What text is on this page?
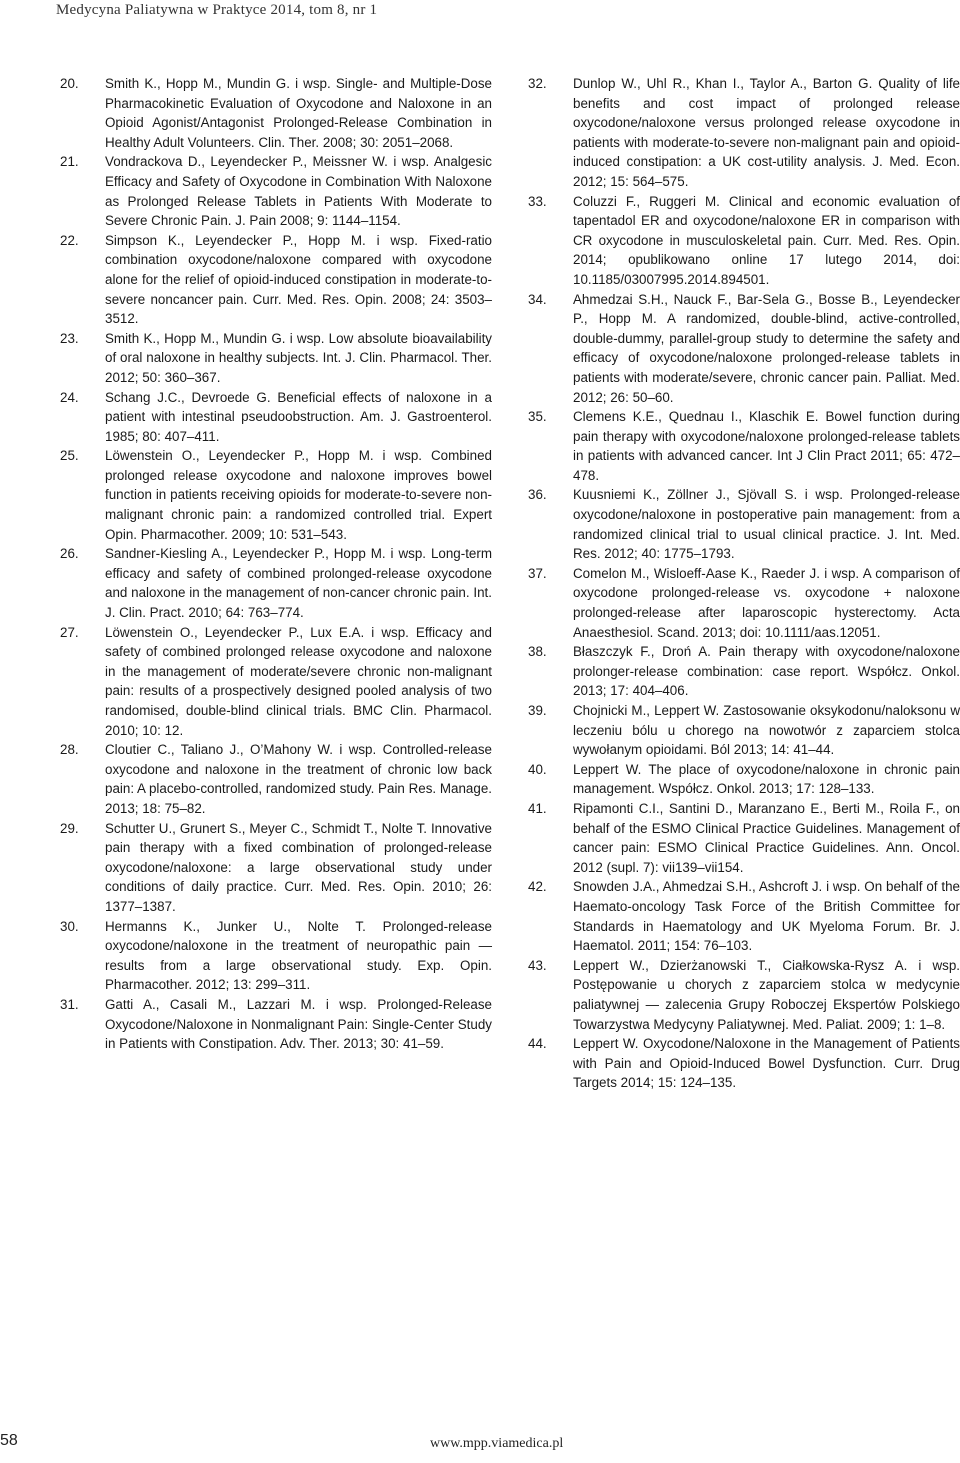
Medycyna Paliatywna w Praktyce 2014, tom 8, nr 1

20.	Smith K., Hopp M., Mundin G. i wsp. Single- and Multiple-Dose Pharmacokinetic Evaluation of Oxycodone and Naloxone in an Opioid Agonist/Antagonist Prolonged-Release Combination in Healthy Adult Volunteers. Clin. Ther. 2008; 30: 2051–2068.

21.	Vondrackova D., Leyendecker P., Meissner W. i wsp. Analgesic Efficacy and Safety of Oxycodone in Combination With Naloxone as Prolonged Release Tablets in Patients With Moderate to Severe Chronic Pain. J. Pain 2008; 9: 1144–1154.

22.	Simpson K., Leyendecker P., Hopp M. i wsp. Fixed-ratio combination oxycodone/naloxone compared with oxycodone alone for the relief of opioid-induced constipation in moderate-to-severe noncancer pain. Curr. Med. Res. Opin. 2008; 24: 3503–3512.

23.	Smith K., Hopp M., Mundin G. i wsp. Low absolute bioavailability of oral naloxone in healthy subjects. Int. J. Clin. Pharmacol. Ther. 2012; 50: 360–367.

24.	Schang J.C., Devroede G. Beneficial effects of naloxone in a patient with intestinal pseudoobstruction. Am. J. Gastroenterol. 1985; 80: 407–411.

25.	Löwenstein O., Leyendecker P., Hopp M. i wsp. Combined prolonged release oxycodone and naloxone improves bowel function in patients receiving opioids for moderate-to-severe non-malignant chronic pain: a randomized controlled trial. Expert Opin. Pharmacother. 2009; 10: 531–543.

26.	Sandner-Kiesling A., Leyendecker P., Hopp M. i wsp. Long-term efficacy and safety of combined prolonged-release oxycodone and naloxone in the management of non-cancer chronic pain. Int. J. Clin. Pract. 2010; 64: 763–774.

27.	Löwenstein O., Leyendecker P., Lux E.A. i wsp. Efficacy and safety of combined prolonged release oxycodone and naloxone in the management of moderate/severe chronic non-malignant pain: results of a prospectively designed pooled analysis of two randomised, double-blind clinical trials. BMC Clin. Pharmacol. 2010; 10: 12.

28.	Cloutier C., Taliano J., O’Mahony W. i wsp. Controlled-release oxycodone and naloxone in the treatment of chronic low back pain: A placebo-controlled, randomized study. Pain Res. Manage. 2013; 18: 75–82.

29.	Schutter U., Grunert S., Meyer C., Schmidt T., Nolte T. Innovative pain therapy with a fixed combination of prolonged-release oxycodone/naloxone: a large observational study under conditions of daily practice. Curr. Med. Res. Opin. 2010; 26: 1377–1387.

30.	Hermanns K., Junker U., Nolte T. Prolonged-release oxycodone/naloxone in the treatment of neuropathic pain — results from a large observational study. Exp. Opin. Pharmacother. 2012; 13: 299–311.

31.	Gatti A., Casali M., Lazzari M. i wsp. Prolonged-Release Oxycodone/Naloxone in Nonmalignant Pain: Single-Center Study in Patients with Constipation. Adv. Ther. 2013; 30: 41–59.

32.	Dunlop W., Uhl R., Khan I., Taylor A., Barton G. Quality of life benefits and cost impact of prolonged release oxycodone/naloxone versus prolonged release oxycodone in patients with moderate-to-severe non-malignant pain and opioid-induced constipation: a UK cost-utility analysis. J. Med. Econ. 2012; 15: 564–575.

33.	Coluzzi F., Ruggeri M. Clinical and economic evaluation of tapentadol ER and oxycodone/naloxone ER in comparison with CR oxycodone in musculoskeletal pain. Curr. Med. Res. Opin. 2014; opublikowano online 17 lutego 2014, doi: 10.1185/03007995.2014.894501.

34.	Ahmedzai S.H., Nauck F., Bar-Sela G., Bosse B., Leyendecker P., Hopp M. A randomized, double-blind, active-controlled, double-dummy, parallel-group study to determine the safety and efficacy of oxycodone/naloxone prolonged-release tablets in patients with moderate/severe, chronic cancer pain. Palliat. Med. 2012; 26: 50–60.

35.	Clemens K.E., Quednau I., Klaschik E. Bowel function during pain therapy with oxycodone/naloxone prolonged-release tablets in patients with advanced cancer. Int J Clin Pract 2011; 65: 472–478.

36.	Kuusniemi K., Zöllner J., Sjövall S. i wsp. Prolonged-release oxycodone/naloxone in postoperative pain management: from a randomized clinical trial to usual clinical practice. J. Int. Med. Res. 2012; 40: 1775–1793.

37.	Comelon M., Wisloeff-Aase K., Raeder J. i wsp. A comparison of oxycodone prolonged-release vs. oxycodone + naloxone prolonged-release after laparoscopic hysterectomy. Acta Anaesthesiol. Scand. 2013; doi: 10.1111/aas.12051.

38.	Błaszczyk F., Droń A. Pain therapy with oxycodone/naloxone prolonger-release combination: case report. Współcz. Onkol. 2013; 17: 404–406.

39.	Chojnicki M., Leppert W. Zastosowanie oksykodonu/naloksonu w leczeniu bólu u chorego na nowotwór z zaparciem stolca wywołanym opioidami. Ból 2013; 14: 41–44.

40.	Leppert W. The place of oxycodone/naloxone in chronic pain management. Współcz. Onkol. 2013; 17: 128–133.

41.	Ripamonti C.I., Santini D., Maranzano E., Berti M., Roila F., on behalf of the ESMO Clinical Practice Guidelines. Management of cancer pain: ESMO Clinical Practice Guidelines. Ann. Oncol. 2012 (supl. 7): vii139–vii154.

42.	Snowden J.A., Ahmedzai S.H., Ashcroft J. i wsp. On behalf of the Haemato-oncology Task Force of the British Committee for Standards in Haematology and UK Myeloma Forum. Br. J. Haematol. 2011; 154: 76–103.

43.	Leppert W., Dzierżanowski T., Ciałkowska-Rysz A. i wsp. Postępowanie u chorych z zaparciem stolca w medycynie paliatywnej — zalecenia Grupy Roboczej Ekspertów Polskiego Towarzystwa Medycyny Paliatywnej. Med. Paliat. 2009; 1: 1–8.

44.	Leppert W. Oxycodone/Naloxone in the Management of Patients with Pain and Opioid-Induced Bowel Dysfunction. Curr. Drug Targets 2014; 15: 124–135.

58	www.mpp.viamedica.pl
